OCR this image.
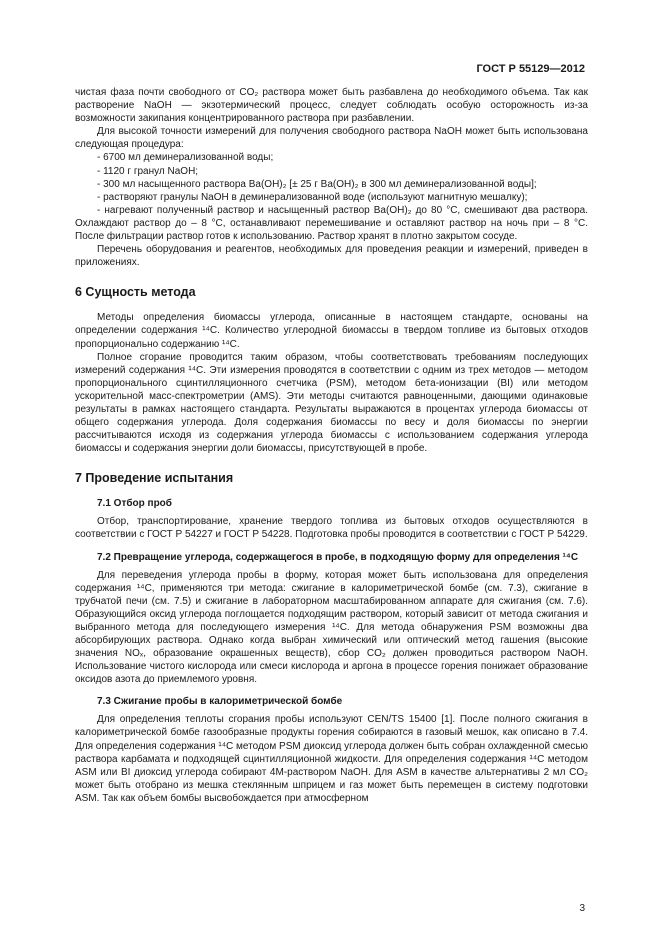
ГОСТ Р 55129—2012

чистая фаза почти свободного от CO₂ раствора может быть разбавлена до необходимого объема. Так как растворение NaOH — экзотермический процесс, следует соблюдать особую осторожность из-за возможности закипания концентрированного раствора при разбавлении.

Для высокой точности измерений для получения свободного раствора NaOH может быть использована следующая процедура:

- 6700 мл деминерализованной воды;

- 1120 г гранул NaOH;

- 300 мл насыщенного раствора Ba(OH)₂ [± 25 г Ba(OH)₂ в 300 мл деминерализованной воды];

- растворяют гранулы NaOH в деминерализованной воде (используют магнитную мешалку);

- нагревают полученный раствор и насыщенный раствор Ba(OH)₂ до 80 °C, смешивают два раствора. Охлаждают раствор до – 8 °C, останавливают перемешивание и оставляют раствор на ночь при – 8 °C. После фильтрации раствор готов к использованию. Раствор хранят в плотно закрытом сосуде.

Перечень оборудования и реагентов, необходимых для проведения реакции и измерений, приведен в приложениях.

6 Сущность метода

Методы определения биомассы углерода, описанные в настоящем стандарте, основаны на определении содержания ¹⁴C. Количество углеродной биомассы в твердом топливе из бытовых отходов пропорционально содержанию ¹⁴C.

Полное сгорание проводится таким образом, чтобы соответствовать требованиям последующих измерений содержания ¹⁴C. Эти измерения проводятся в соответствии с одним из трех методов — методом пропорционального сцинтилляционного счетчика (PSM), методом бета-ионизации (BI) или методом ускорительной масс-спектрометрии (AMS). Эти методы считаются равноценными, дающими одинаковые результаты в рамках настоящего стандарта. Результаты выражаются в процентах углерода биомассы от общего содержания углерода. Доля содержания биомассы по весу и доля биомассы по энергии рассчитываются исходя из содержания углерода биомассы с использованием содержания углерода биомассы и содержания энергии доли биомассы, присутствующей в пробе.

7 Проведение испытания
7.1 Отбор проб

Отбор, транспортирование, хранение твердого топлива из бытовых отходов осуществляются в соответствии с ГОСТ Р 54227 и ГОСТ Р 54228. Подготовка пробы проводится в соответствии с ГОСТ Р 54229.

7.2 Превращение углерода, содержащегося в пробе, в подходящую форму для определения ¹⁴C

Для переведения углерода пробы в форму, которая может быть использована для определения содержания ¹⁴C, применяются три метода: сжигание в калориметрической бомбе (см. 7.3), сжигание в трубчатой печи (см. 7.5) и сжигание в лабораторном масштабированном аппарате для сжигания (см. 7.6). Образующийся оксид углерода поглощается подходящим раствором, который зависит от метода сжигания и выбранного метода для последующего измерения ¹⁴C. Для метода обнаружения PSM возможны два абсорбирующих раствора. Однако когда выбран химический или оптический метод гашения (высокие значения NOₓ, образование окрашенных веществ), сбор CO₂ должен проводиться раствором NaOH. Использование чистого кислорода или смеси кислорода и аргона в процессе горения понижает образование оксидов азота до приемлемого уровня.

7.3 Сжигание пробы в калориметрической бомбе

Для определения теплоты сгорания пробы используют CEN/TS 15400 [1]. После полного сжигания в калориметрической бомбе газообразные продукты горения собираются в газовый мешок, как описано в 7.4. Для определения содержания ¹⁴C методом PSM диоксид углерода должен быть собран охлажденной смесью раствора карбамата и подходящей сцинтилляционной жидкости. Для определения содержания ¹⁴C методом ASM или BI диоксид углерода собирают 4М-раствором NaOH. Для ASM в качестве альтернативы 2 мл CO₂ может быть отобрано из мешка стеклянным шприцем и газ может быть перемещен в систему подготовки ASM. Так как объем бомбы высвобождается при атмосферном

3
